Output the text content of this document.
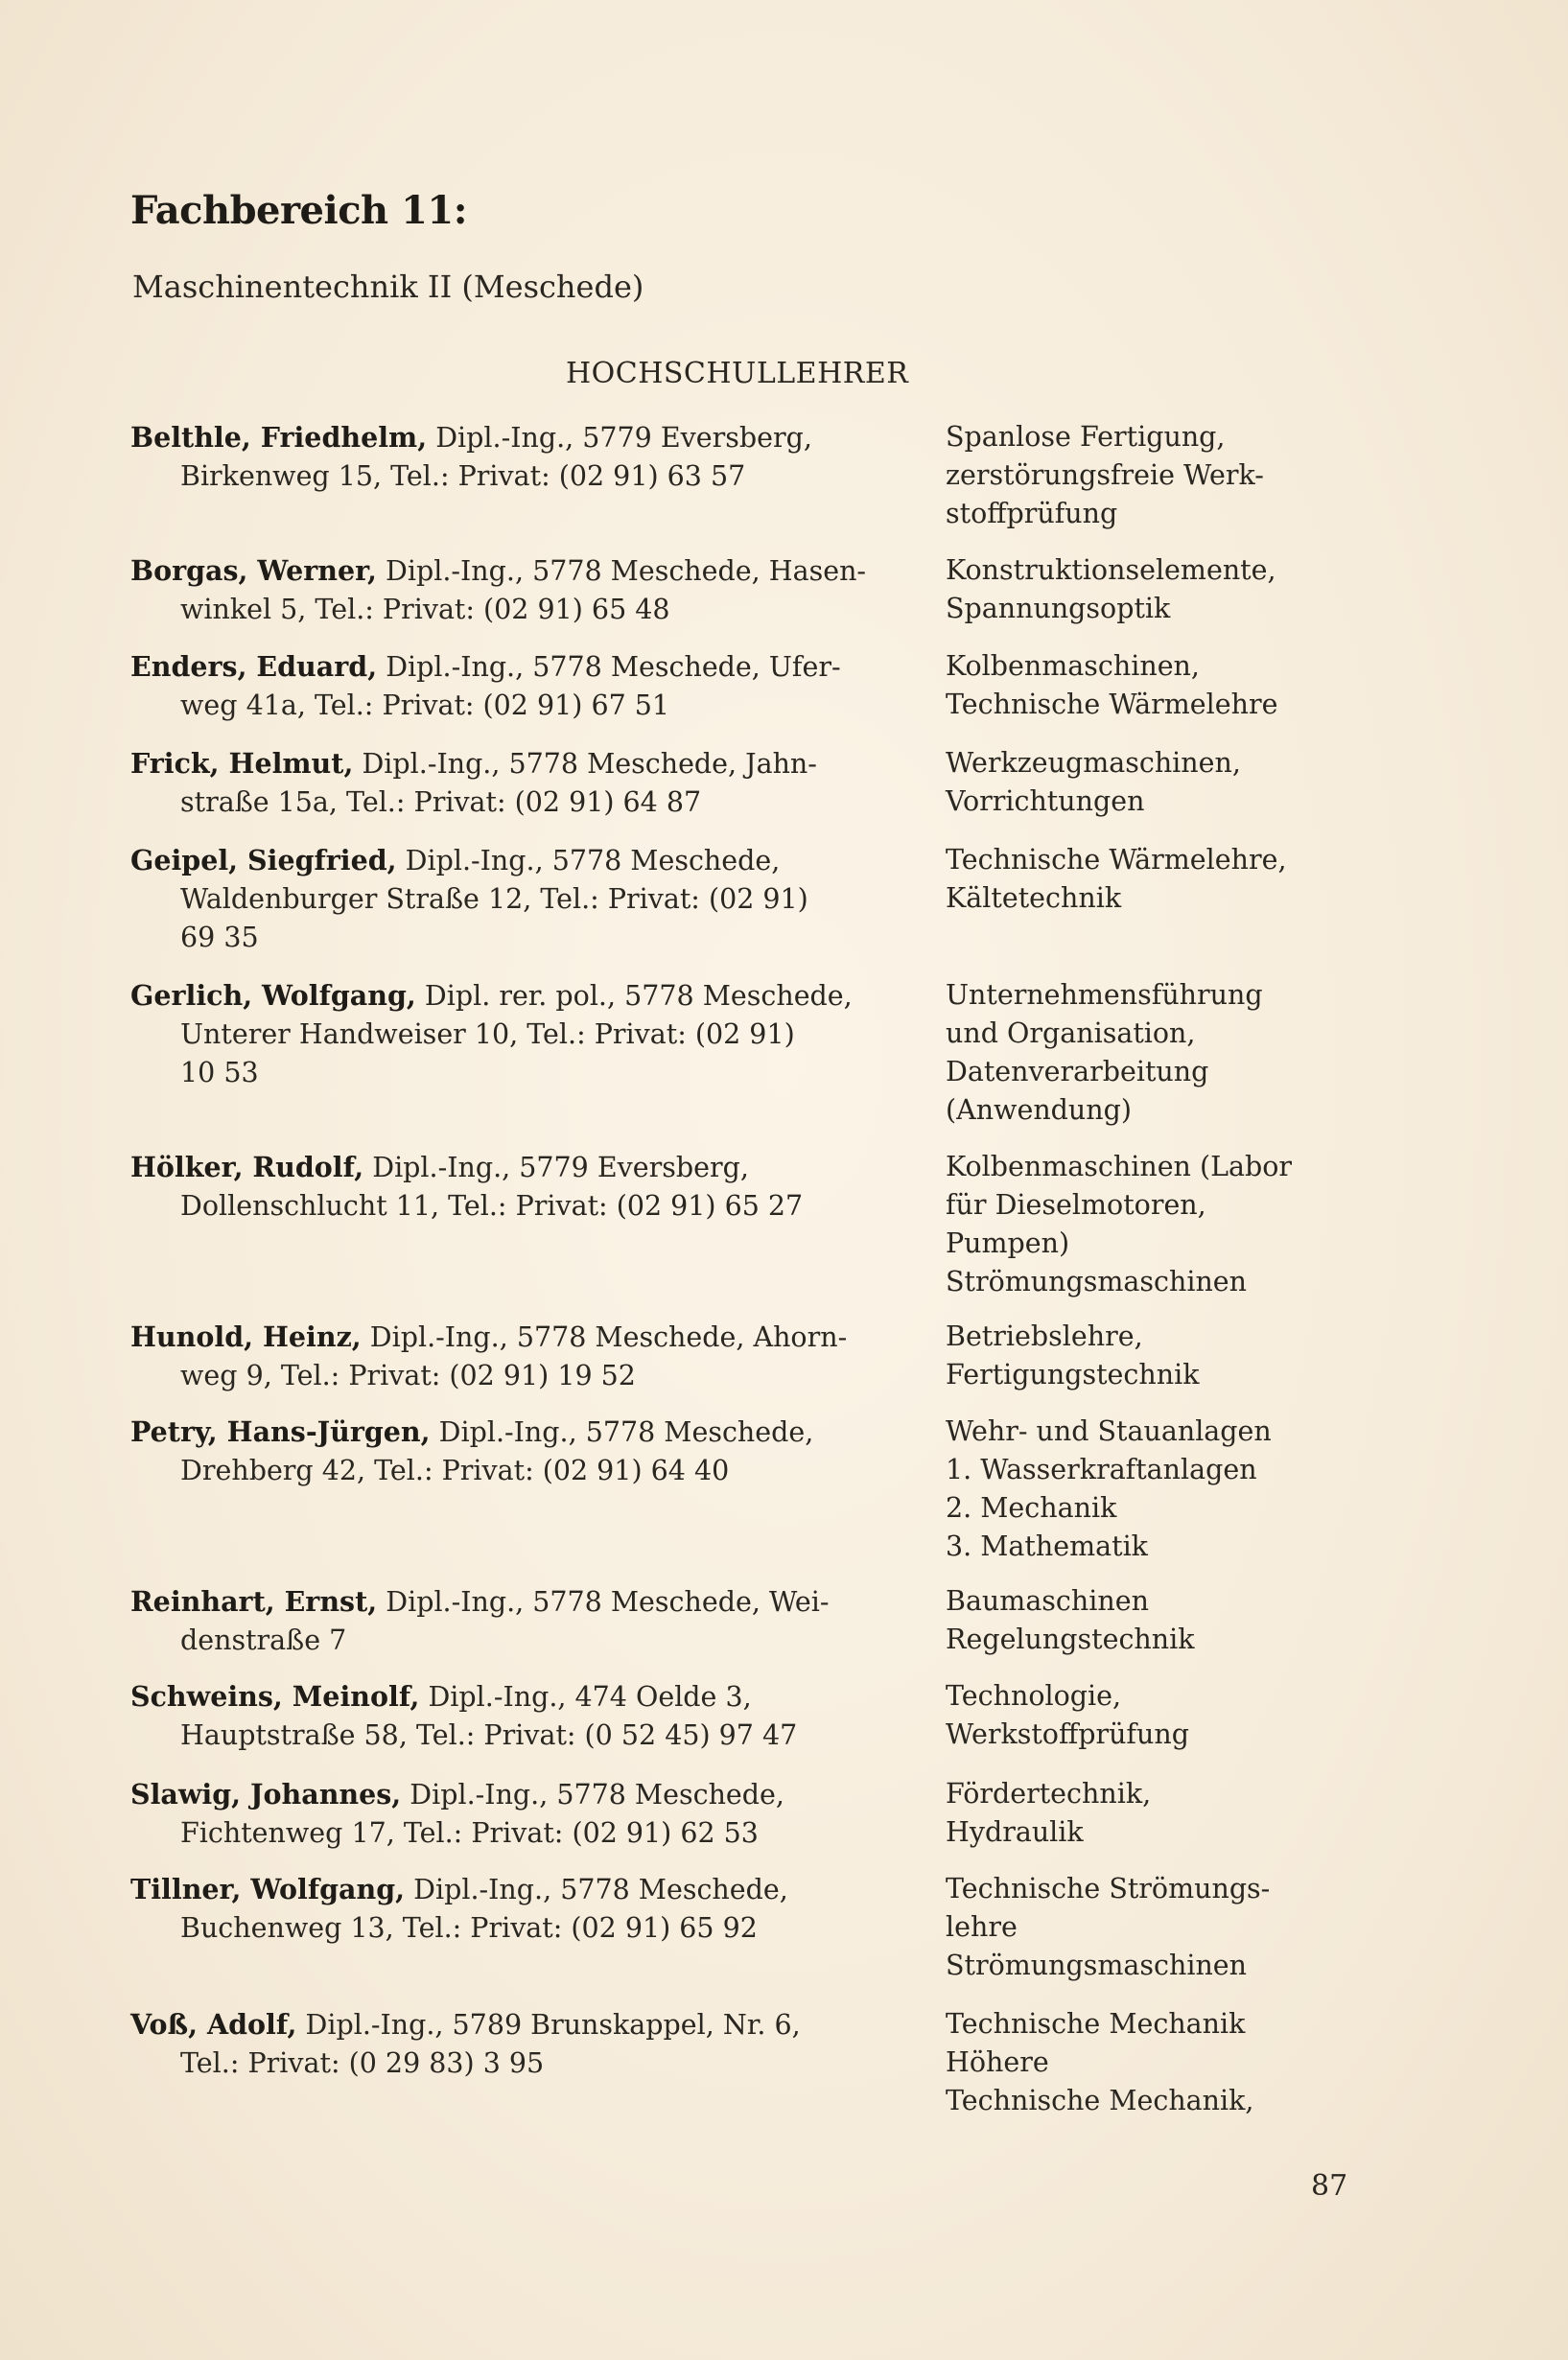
Fachbereich 11:
Maschinentechnik II (Meschede)
HOCHSCHULLEHRER
Belthle, Friedhelm, Dipl.-Ing., 5779 Eversberg,
Birkenweg 15, Tel.: Privat: (02 91) 63 57
Spanlose Fertigung,
zerstörungsfreie Werk-
stoffprüfung
Borgas, Werner, Dipl.-Ing., 5778 Meschede, Hasen-
winkel 5, Tel.: Privat: (02 91) 65 48
Konstruktionselemente,
Spannungsoptik
Enders, Eduard, Dipl.-Ing., 5778 Meschede, Ufer-
weg 41a, Tel.: Privat: (02 91) 67 51
Kolbenmaschinen,
Technische Wärmelehre
Frick, Helmut, Dipl.-Ing., 5778 Meschede, Jahn-
straße 15a, Tel.: Privat: (02 91) 64 87
Werkzeugmaschinen,
Vorrichtungen
Geipel, Siegfried, Dipl.-Ing., 5778 Meschede,
Waldenburger Straße 12, Tel.: Privat: (02 91)
69 35
Technische Wärmelehre,
Kältetechnik
Gerlich, Wolfgang, Dipl. rer. pol., 5778 Meschede,
Unterer Handweiser 10, Tel.: Privat: (02 91)
10 53
Unternehmensführung
und Organisation,
Datenverarbeitung
(Anwendung)
Hölker, Rudolf, Dipl.-Ing., 5779 Eversberg,
Dollenschlucht 11, Tel.: Privat: (02 91) 65 27
Kolbenmaschinen (Labor
für Dieselmotoren,
Pumpen)
Strömungsmaschinen
Hunold, Heinz, Dipl.-Ing., 5778 Meschede, Ahorn-
weg 9, Tel.: Privat: (02 91) 19 52
Betriebslehre,
Fertigungstechnik
Petry, Hans-Jürgen, Dipl.-Ing., 5778 Meschede,
Drehberg 42, Tel.: Privat: (02 91) 64 40
Wehr- und Stauanlagen
1. Wasserkraftanlagen
2. Mechanik
3. Mathematik
Reinhart, Ernst, Dipl.-Ing., 5778 Meschede, Wei-
denstraße 7
Baumaschinen
Regelungstechnik
Schweins, Meinolf, Dipl.-Ing., 474 Oelde 3,
Hauptstraße 58, Tel.: Privat: (0 52 45) 97 47
Technologie,
Werkstoffprüfung
Slawig, Johannes, Dipl.-Ing., 5778 Meschede,
Fichtenweg 17, Tel.: Privat: (02 91) 62 53
Fördertechnik,
Hydraulik
Tillner, Wolfgang, Dipl.-Ing., 5778 Meschede,
Buchenweg 13, Tel.: Privat: (02 91) 65 92
Technische Strömungs-
lehre
Strömungsmaschinen
Voß, Adolf, Dipl.-Ing., 5789 Brunskappel, Nr. 6,
Tel.: Privat: (0 29 83) 3 95
Technische Mechanik
Höhere
Technische Mechanik,
87
